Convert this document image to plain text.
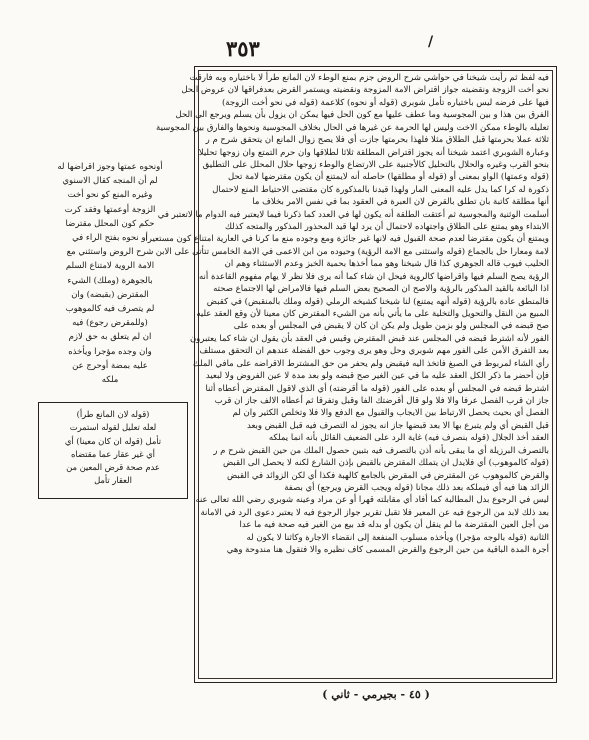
/
٣٥٣
فيه لفظ ثم رأيت شيخنا في حواشي شرح الروض جزم بمنع الوطء لان المانع طرأ لا باختياره وبه فارقت
نحو أخت الزوجة ونقضيته جواز اقتراض الامة المزوجة ونقضيته ويستمر القرض بعدفراقها لان عروض الحل
فيها على فرضه ليس باختياره تأمل شوبري (قوله أو نحوه) كلاعمة (قوله في نحو أخت الزوجة)
الفرق بين هذا و بين المجوسية وما عطف عليها مع كون الحل فيها يمكن ان يزول بأن يسلم ويرجع الى الحل
تعليله بالوطء ممكن الاخت وليس لها الحرمة عن غيرها في الحال بخلاف المجوسية ونحوها والفارق بين المجوسية
ثلاثة عملا بحرمتها قبل الطلاق مثلا فلهذا بحرمتها جازت أي فلا يصح زوال المانع ان يتحقق شرح م ر
وعبارة الشوبري اعتمد شيخنا أنه يجوز اقتراض المطلقة ثلاثا لطلاقها وان حرم التمتع وان زوجها تحليلا
بنحو القرب وغيره والحلال بالتحليل كالأجنبية على الارتضاع والوطء زوجها حلال المحلل على التطليق
(قوله وعمتها) الواو بمعنى أو (قوله أو مطلقها) حاصله أنه لايمتنع أن يكون مقترضها لامة تحل
ذكورة له كرا كما يدل عليه المعنى المار ولهذا قيدنا بالمذكورة كان مقتضى الاحتياط المنع لاحتمال
أنها مطلقة كاتبة بان تطلق بالقرض لان العبرة في العقود بما في نفس الامر بخلاف ما
أسلمت الوثنية والمجوسية ثم أعتقت الطلقة أنه يكون لها في العدد كما ذكرنا فيما لايعتبر فيه الدوام ما لاتعتبر في
الابتداء وهو يمتنع على الطلاق واجتهاده لاحتمال أن يرد لها قيد المحذور المذكور والمتجه كذلك
ويمتنع أن يكون مقترضا لعدم صحة القبول فيه لانها غير جائزة ومع وجوده منع ما كرنا في العارية امتناع كون مستعيرا
لامة ومعارا حل بالجماع (قوله واستثنى مع الامة الرؤية) وحيوده من ابن الاعمى في الامة الخامس تتأتى على الابن
الحليب فيوب قاله الجوهري كذا قال شيخنا وهو مما أخذها بحمية الخبز وعدم الاستثناء وهم ان
الرؤية يصح السلم فيها واقراضها كالروية فيحل ان شاء كما أنه يرى فلا نظر لا يهام مفهوم القاعدة أنه
اذا البائعة بالقيد المذكور بالرؤية والاصح ان الصحيح بعض السلم فيها فالامراض لها الاجتماع صحته
فالمنطق عادة بالرؤية (قوله أنهه يمتنع) لنا شيخنا كشيخه الرملي (قوله وملك بالمنقبض) في كقبض
المبيع من النقل والتحويل والتخلية على ما يأتي بأنه من الشيء المقترض كان معينا لأن وقع العقد عليه
صح قبضه في المجلس ولو بزمن طويل ولم يكن ان كان لا يقبض في المجلس أو بعده على
الفور لأنه اشترط قبضه في المجلس عند قبض المقترض وقيس في العقد بأن يقول ان شاء كما يعتبرون
بعد التفرق الأمن على الفور مهم شوبري وحل وهو يرى وجوب حق الفضلة عندهم ان التحقق مستلف
رأي الشاء لمربوط في الصبغ فاتخذ اليه فيقبض ولم يحفر من حق المشترط الاقراضه على مافي الملك
فإن أحضر ما ذكر الكل العقد عليه ما في عين الغير صح قبضه ولو بعد مدة لا عين الفروض ولا لبعيد
اشترط قبضه في المجلس أو بعده على الفور (قوله ما أقرضته) أي الذي لاقول المقترض أعطاه أثنا
جاز ان قرب الفصل عرفا والا فلا ولو قال أقرضتك الفا وقبل وتفرقا ثم أعطاه الالف جاز ان قرب
الفصل أي بحيث يحصل الارتباط بين الايجاب والقبول مع الدفع والا فلا وتخلص الكثير وان لم
قبل القبض أي ولم يتبرع بها الا بعد قبضها جاز انه يجوز له التصرف فيه قبل القبض وبعد
العقد أخذ الجلال (قوله بنصرف فيه) غاية الرد على الضعيف القائل بأنه انما يملكه
بالتصرف البرزيلة أي ما يبقى بأنه أذن بالتصرف فيه بتبين حصول الملك من حين القبض شرح م ر
(قوله كالموهوب) أي فلايدل ان يتملك المقترض بالقبض بإذن الشارع لكنه لا يحصل الى القبض
والقرض كالموهوب عن المقترض في المقرض بالجامع كالهبة فكذا أي لكن الزوائد في القبض
الزائد هنا فيه أي فيملكه بعد ذلك مجانا (قوله ويجب القرض ويرجع) أي بصفة
ليس في الرجوع بدل المطالبة كما أفاد أي مقابلته قهرا أو عن مراد وعينه شوبري رضي الله تعالى عنه
بعد ذلك لابد من الرجوع فيه عن المعير فلا تقبل تقرير جواز الرجوع فيه لا يعتبر دعوى الرد في الامانة
من أجل العين المقترضة ما لم ينقل أن يكون أو بدله قد بيع من الغير فيه صحة فيه ما عدا
الثانية (قوله بالوجه مؤجرا) ويأخذه مسلوب المنفعة إلى انقضاء الاجارة وكاثنا لا يكون له
أجرة المدة الباقية من حين الرجوع والقرض المسمى كاف نظيره والا فتقول هنا مندوحة وهي
أونحوه عمتها وجوز اقراضها له
لم أن المنجه كقال الاسنوي
وغيره المنع كو نحو أخت
الزوجة أوعمتها وفقد كرت
حكم كون المحلل مقترضا
أو نحوه بفتح الراء في
شرح الروض واستثني مع
الامة الروية لامتناع السلم
بالجوهرة (وملك) الشيء
المقترض (بقبضه) وان
لم يتصرف فيه كالموهوب
(وللمقرض رجوع) فيه
ان لم يتعلق به حق لازم
وان وجده مؤجرا ويأخذه
عليه بمضة أوحرج عن
ملكه
(قوله لان المانع طرأ)
لعله تعليل لقوله استمرت
تأمل (قوله ان كان معينا) أي
أي غير عقار عما مقتضاه
عدم صحة قرض المعين من
العقار تأمل
( ٤٥ - بجيرمي - ثاني )
